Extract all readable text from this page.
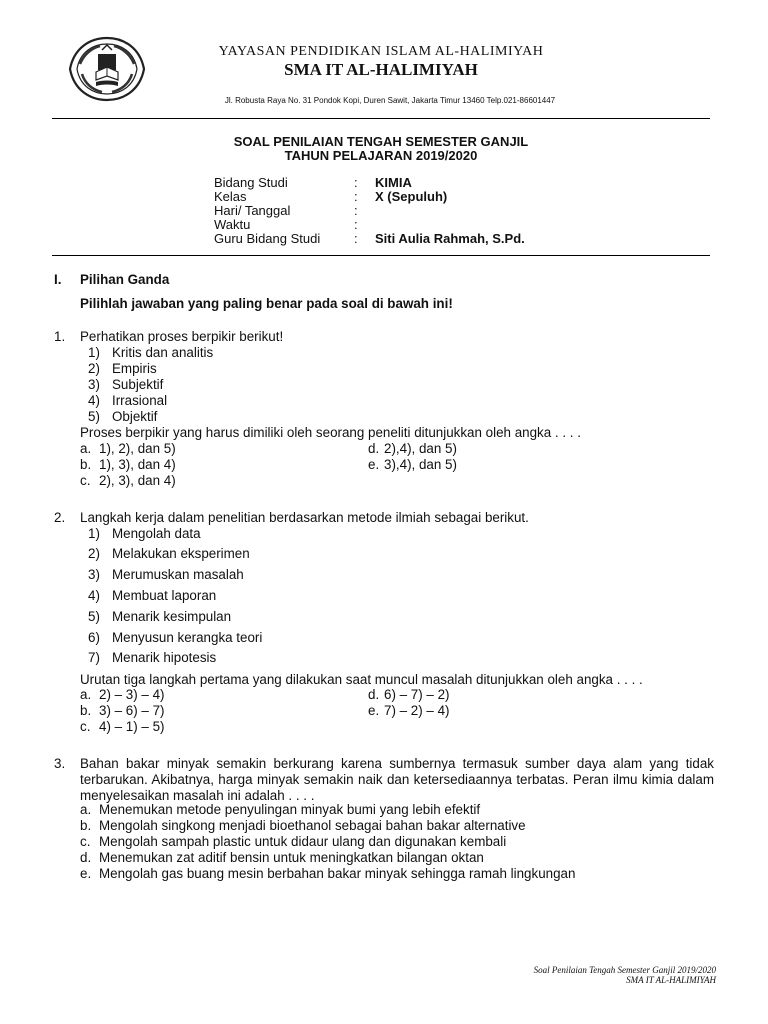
YAYASAN PENDIDIKAN ISLAM AL-HALIMIYAH
SMA IT AL-HALIMIYAH
Jl. Robusta Raya No. 31 Pondok Kopi, Duren Sawit, Jakarta Timur 13460 Telp.021-86601447
SOAL PENILAIAN TENGAH SEMESTER GANJIL
TAHUN PELAJARAN 2019/2020
Bidang Studi	: KIMIA
Kelas	: X (Sepuluh)
Hari/ Tanggal	:
Waktu	:
Guru Bidang Studi	: Siti Aulia Rahmah, S.Pd.
I. Pilihan Ganda
Pilihlah jawaban yang paling benar pada soal di bawah ini!
1. Perhatikan proses berpikir berikut!
1) Kritis dan analitis
2) Empiris
3) Subjektif
4) Irrasional
5) Objektif
Proses berpikir yang harus dimiliki oleh seorang peneliti ditunjukkan oleh angka . . . .
a. 1), 2), dan 5)
b. 1), 3), dan 4)
c. 2), 3), dan 4)
d. 2),4), dan 5)
e. 3),4), dan 5)
2. Langkah kerja dalam penelitian berdasarkan metode ilmiah sebagai berikut.
1) Mengolah data
2) Melakukan eksperimen
3) Merumuskan masalah
4) Membuat laporan
5) Menarik kesimpulan
6) Menyusun kerangka teori
7) Menarik hipotesis
Urutan tiga langkah pertama yang dilakukan saat muncul masalah ditunjukkan oleh angka . . . .
a. 2) – 3) – 4)
b. 3) – 6) – 7)
c. 4) – 1) – 5)
d. 6) – 7) – 2)
e. 7) – 2) – 4)
3. Bahan bakar minyak semakin berkurang karena sumbernya termasuk sumber daya alam yang tidak terbarukan. Akibatnya, harga minyak semakin naik dan ketersediaannya terbatas. Peran ilmu kimia dalam menyelesaikan masalah ini adalah . . . .
a. Menemukan metode penyulingan minyak bumi yang lebih efektif
b. Mengolah singkong menjadi bioethanol sebagai bahan bakar alternative
c. Mengolah sampah plastic untuk didaur ulang dan digunakan kembali
d. Menemukan zat aditif bensin untuk meningkatkan bilangan oktan
e. Mengolah gas buang mesin berbahan bakar minyak sehingga ramah lingkungan
Soal Penilaian Tengah Semester Ganjil 2019/2020
SMA IT AL-HALIMIYAH
